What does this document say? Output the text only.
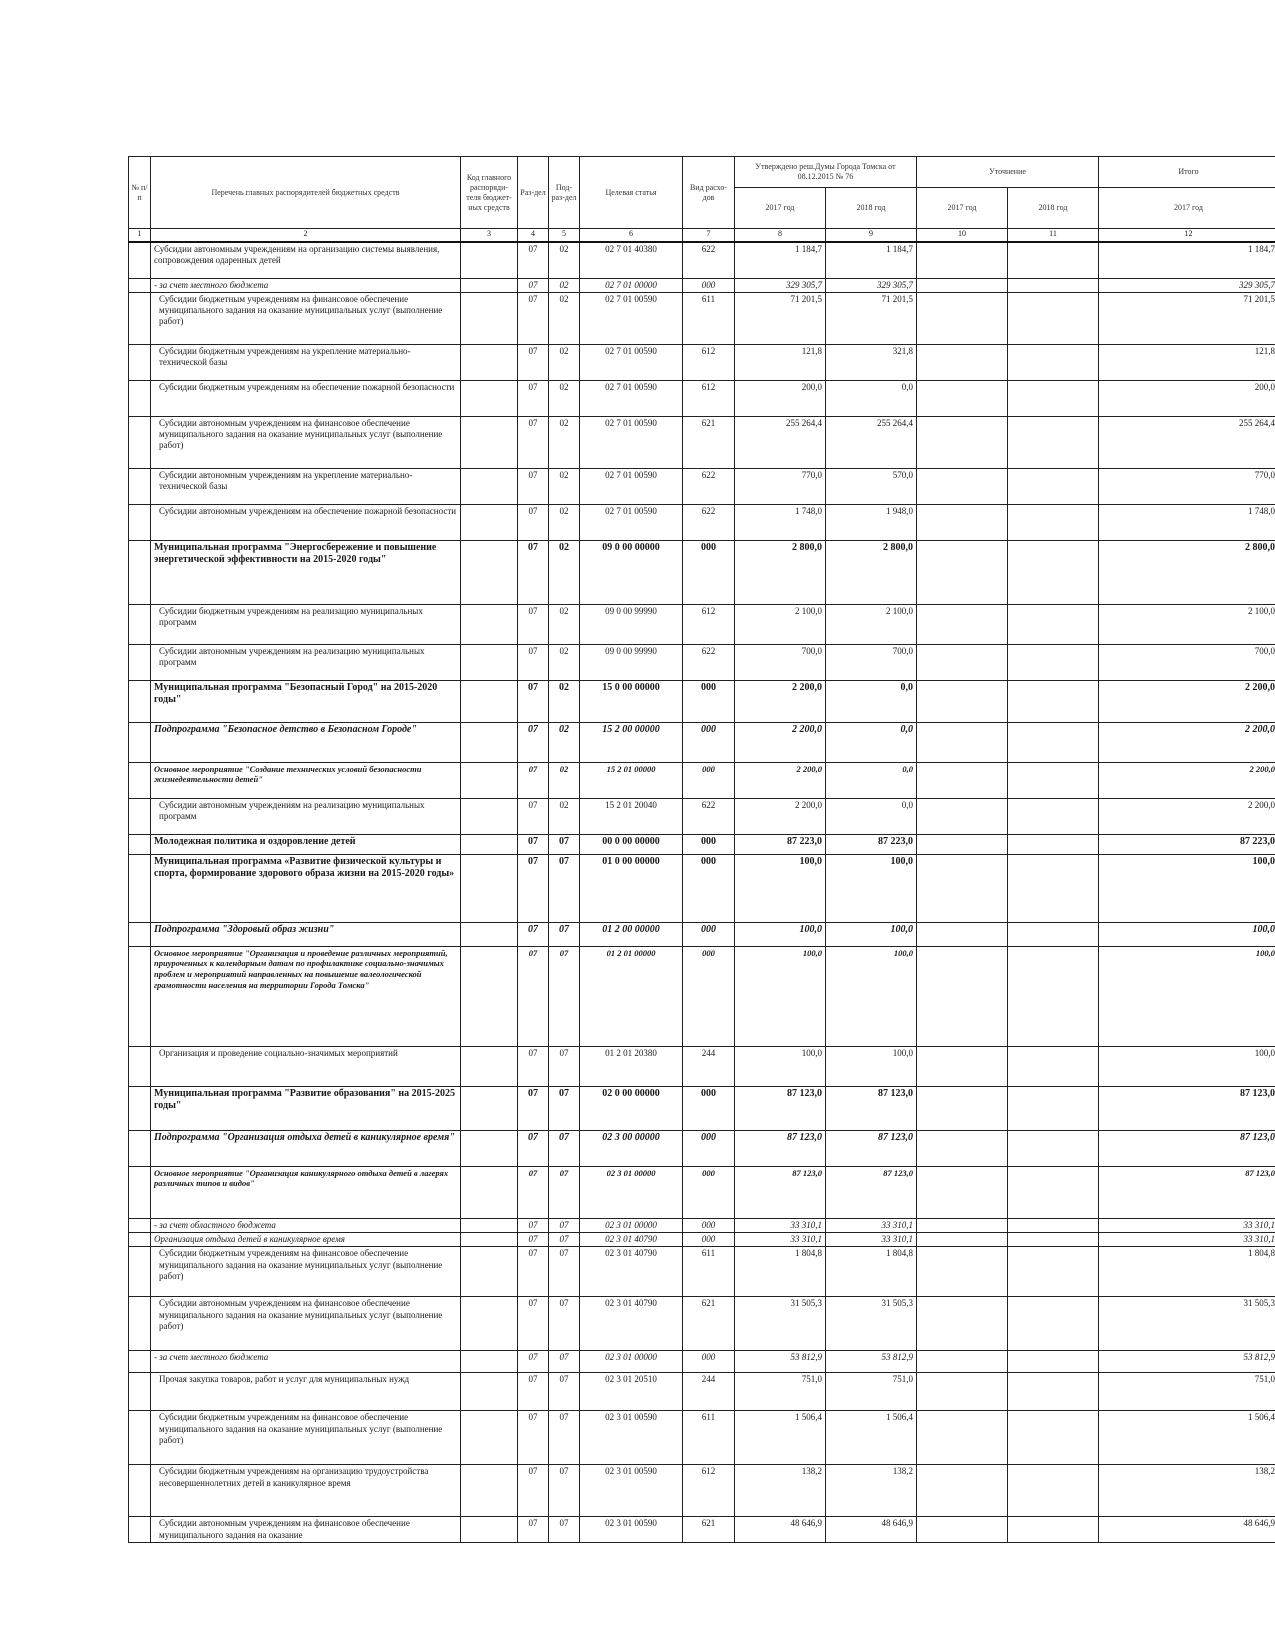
№ п/п	Перечень главных распорядителей бюджетных средств	Код главного распоряди-теля бюджет-ных средств	Раз-дел	Под-раз-дел	Целевая статья	Вид расхо-дов	Утверждено реш.Думы Города Томска от 08.12.2015 № 76		Уточнение		Итого
							2017 год	2018 год	2017 год	2018 год	2017 год
1	2	3	4	5	6	7	8	9	10	11	12
	Субсидии автономным учреждениям на организацию системы выявления, сопровождения одаренных детей		07	02	02 7 01 40380	622	1 184,7	1 184,7			1 184,7
	- за счет местного бюджета		07	02	02 7 01 00000	000	329 305,7	329 305,7			329 305,7
	Субсидии бюджетным учреждениям на финансовое обеспечение муниципального задания на оказание муниципальных услуг (выполнение работ)		07	02	02 7 01 00590	611	71 201,5	71 201,5			71 201,5
	Субсидии бюджетным учреждениям на укрепление материально-технической базы		07	02	02 7 01 00590	612	121,8	321,8			121,8
	Субсидии бюджетным учреждениям на обеспечение пожарной безопасности		07	02	02 7 01 00590	612	200,0	0,0			200,0
	Субсидии автономным учреждениям на финансовое обеспечение муниципального задания на оказание муниципальных услуг (выполнение работ)		07	02	02 7 01 00590	621	255 264,4	255 264,4			255 264,4
	Субсидии автономным учреждениям на укрепление материально-технической базы		07	02	02 7 01 00590	622	770,0	570,0			770,0
	Субсидии автономным учреждениям на обеспечение пожарной безопасности		07	02	02 7 01 00590	622	1 748,0	1 948,0			1 748,0
	Муниципальная программа "Энергосбережение и повышение энергетической эффективности на 2015-2020 годы"		07	02	09 0 00 00000	000	2 800,0	2 800,0			2 800,0
	Субсидии бюджетным учреждениям на реализацию муниципальных программ		07	02	09 0 00 99990	612	2 100,0	2 100,0			2 100,0
	Субсидии автономным учреждениям на реализацию муниципальных программ		07	02	09 0 00 99990	622	700,0	700,0			700,0
	Муниципальная программа "Безопасный Город" на 2015-2020 годы"		07	02	15 0 00 00000	000	2 200,0	0,0			2 200,0
	Подпрограмма "Безопасное детство в Безопасном Городе"		07	02	15 2 00 00000	000	2 200,0	0,0			2 200,0
	Основное мероприятие "Создание технических условий безопасности жизнедеятельности детей"		07	02	15 2 01 00000	000	2 200,0	0,0			2 200,0
	Субсидии автономным учреждениям на реализацию муниципальных программ		07	02	15 2 01 20040	622	2 200,0	0,0			2 200,0
	Молодежная политика и оздоровление детей		07	07	00 0 00 00000	000	87 223,0	87 223,0			87 223,0
	Муниципальная программа «Развитие физической культуры и спорта, формирование здорового образа жизни на 2015-2020 годы»		07	07	01 0 00 00000	000	100,0	100,0			100,0
	Подпрограмма "Здоровый образ жизни"		07	07	01 2 00 00000	000	100,0	100,0			100,0
	Основное мероприятие "Организация и проведение различных мероприятий, приуроченных к календарным датам по профилактике социально-значимых проблем и мероприятий направленных на повышение валеологической грамотности населения на территории Города Томска"		07	07	01 2 01 00000	000	100,0	100,0			100,0
	Организация и проведение социально-значимых мероприятий		07	07	01 2 01 20380	244	100,0	100,0			100,0
	Муниципальная программа "Развитие образования" на 2015-2025 годы"		07	07	02 0 00 00000	000	87 123,0	87 123,0			87 123,0
	Подпрограмма "Организация отдыха детей в каникулярное время"		07	07	02 3 00 00000	000	87 123,0	87 123,0			87 123,0
	Основное мероприятие "Организация каникулярного отдыха детей в лагерях различных типов и видов"		07	07	02 3 01 00000	000	87 123,0	87 123,0			87 123,0
	- за счет областного бюджета		07	07	02 3 01 00000	000	33 310,1	33 310,1			33 310,1
	Организация отдыха детей в каникулярное время		07	07	02 3 01 40790	000	33 310,1	33 310,1			33 310,1
	Субсидии бюджетным учреждениям на финансовое обеспечение муниципального задания на оказание муниципальных услуг (выполнение работ)		07	07	02 3 01 40790	611	1 804,8	1 804,8			1 804,8
	Субсидии автономным учреждениям на финансовое обеспечение муниципального задания на оказание муниципальных услуг (выполнение работ)		07	07	02 3 01 40790	621	31 505,3	31 505,3			31 505,3
	- за счет местного бюджета		07	07	02 3 01 00000	000	53 812,9	53 812,9			53 812,9
	Прочая закупка товаров, работ и услуг для муниципальных нужд		07	07	02 3 01 20510	244	751,0	751,0			751,0
	Субсидии бюджетным учреждениям на финансовое обеспечение муниципального задания на оказание муниципальных услуг (выполнение работ)		07	07	02 3 01 00590	611	1 506,4	1 506,4			1 506,4
	Субсидии бюджетным учреждениям на организацию трудоустройства несовершеннолетних детей в каникулярное время		07	07	02 3 01 00590	612	138,2	138,2			138,2
	Субсидии автономным учреждениям на финансовое обеспечение муниципального задания на оказание		07	07	02 3 01 00590	621	48 646,9	48 646,9			48 646,9
